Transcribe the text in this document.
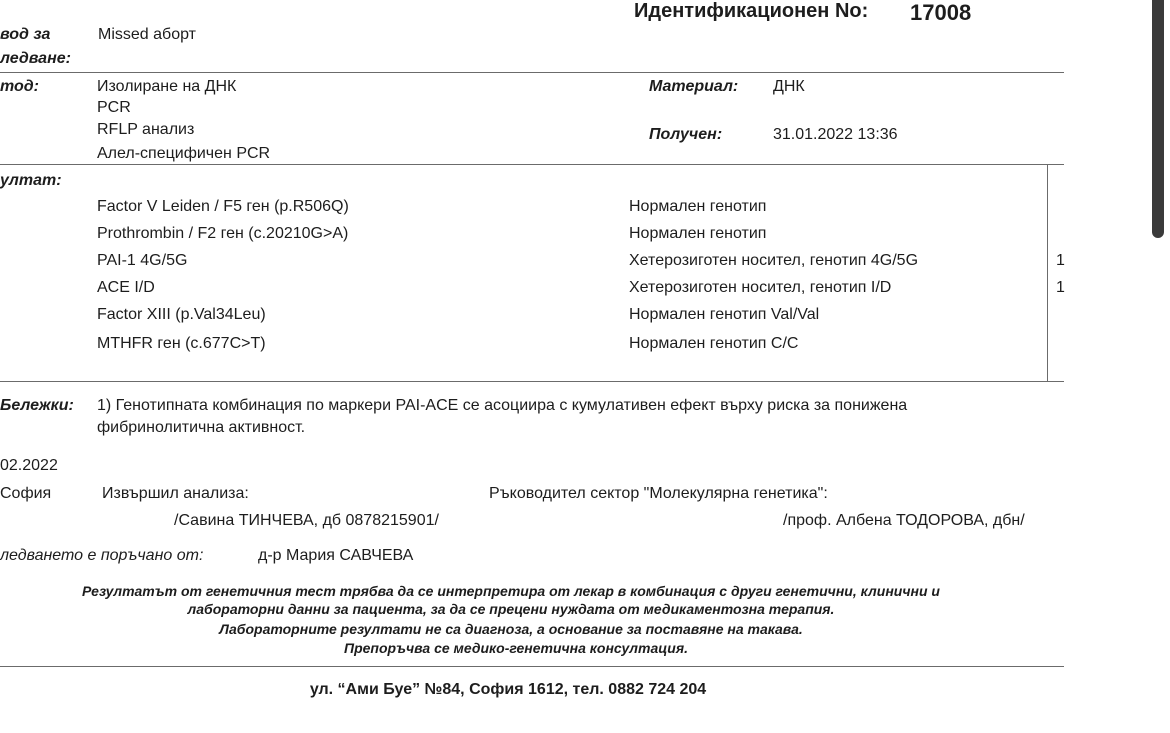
Идентификационен No: 17008
вод за
ледване:
Missed аборт
тод:	Изолиране на ДНК
PCR
RFLP анализ
Алел-специфичен PCR
Материал: ДНК
Получен:	31.01.2022 13:36
ултат:
Factor V Leiden / F5 ген (p.R506Q)	Нормален генотип
Prothrombin / F2 ген (c.20210G>A)	Нормален генотип
PAI-1 4G/5G	Хетерозиготен носител, генотип 4G/5G	1
ACE I/D	Хетерозиготен носител, генотип I/D	1
Factor XIII (p.Val34Leu)	Нормален генотип Val/Val
MTHFR ген (c.677C>T)	Нормален генотип C/C
Бележки: 1) Генотипната комбинация по маркери PAI-ACE се асоциира с кумулативен ефект върху риска за понижена
фибринолитична активност.
02.2022
София	Извършил анализа:	Ръководител сектор "Молекулярна генетика":
/Савина ТИНЧЕВА, дб 0878215901/	/проф. Албена ТОДОРОВА, дбн/
ледването е поръчано от:	д-р Мария САВЧЕВА
Резултатът от генетичния тест трябва да се интерпретира от лекар в комбинация с други генетични, клинични и
лабораторни данни за пациента, за да се прецени нуждата от медикаментозна терапия.
Лабораторните резултати не са диагноза, а основание за поставяне на такава.
Препоръчва се медико-генетична консултация.
ул. “Ами Буе” №84, София 1612, тел. 0882 724 204
